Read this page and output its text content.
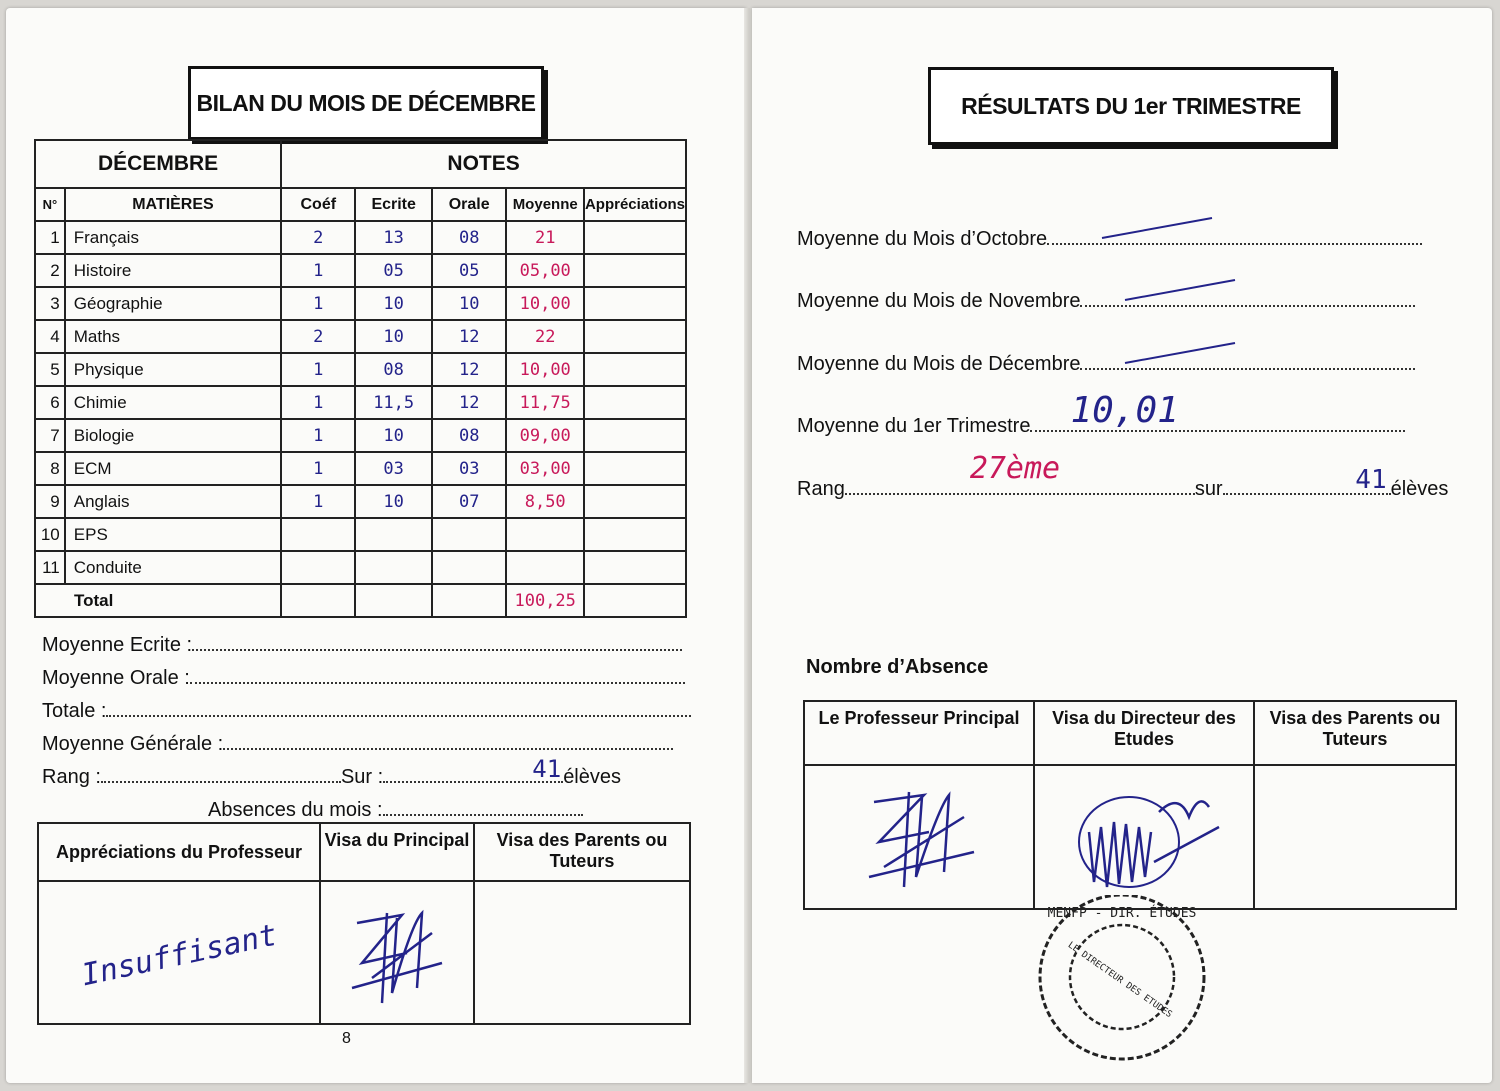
BILAN DU MOIS DE DÉCEMBRE
DÉCEMBRE		NOTES				
N°	MATIÈRES	Coéf	Ecrite	Orale	Moyenne	Appréciations
1	Français	2	13	08	21	
2	Histoire	1	05	05	05,00	
3	Géographie	1	10	10	10,00	
4	Maths	2	10	12	22	
5	Physique	1	08	12	10,00	
6	Chimie	1	11,5	12	11,75	
7	Biologie	1	10	08	09,00	
8	ECM	1	03	03	03,00	
9	Anglais	1	10	07	8,50	
10	EPS					
11	Conduite					
Total					100,25	
Moyenne Ecrite :
Moyenne Orale :
Totale :
Moyenne Générale :
Rang :	Sur :	41 élèves
Absences du mois :
Appréciations du Professeur	Visa du Principal	Visa des Parents ou Tuteurs
Insuffisant		
8
RÉSULTATS DU 1er TRIMESTRE
Moyenne du Mois d’Octobre
Moyenne du Mois de Novembre
Moyenne du Mois de Décembre
Moyenne du 1er Trimestre 10,01
Rang
27ème
sur	41 élèves
Nombre d’Absence
Le Professeur Principal	Visa du Directeur des Etudes	Visa des Parents ou Tuteurs

MENFP - DIR. ÉTUDES
LE DIRECTEUR DES ETUDES
